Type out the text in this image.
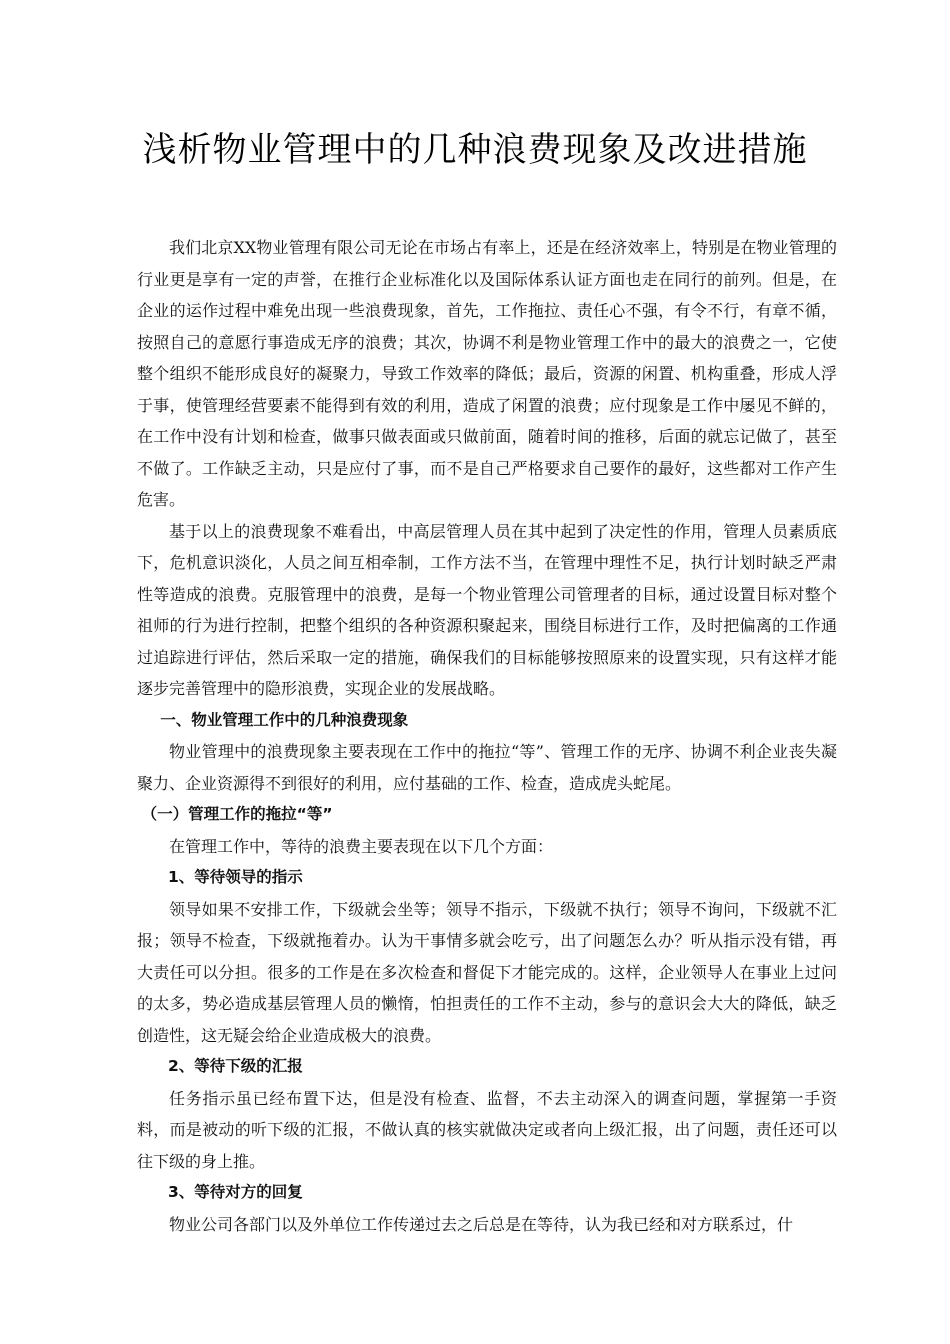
浅析物业管理中的几种浪费现象及改进措施

我们北京XX物业管理有限公司无论在市场占有率上，还是在经济效率上，特别是在物业管理的行业更是享有一定的声誉，在推行企业标准化以及国际体系认证方面也走在同行的前列。但是，在企业的运作过程中难免出现一些浪费现象，首先，工作拖拉、责任心不强，有令不行，有章不循，按照自己的意愿行事造成无序的浪费；其次，协调不利是物业管理工作中的最大的浪费之一，它使整个组织不能形成良好的凝聚力，导致工作效率的降低；最后，资源的闲置、机构重叠，形成人浮于事，使管理经营要素不能得到有效的利用，造成了闲置的浪费；应付现象是工作中屡见不鲜的，在工作中没有计划和检查，做事只做表面或只做前面，随着时间的推移，后面的就忘记做了，甚至不做了。工作缺乏主动，只是应付了事，而不是自己严格要求自己要作的最好，这些都对工作产生危害。

基于以上的浪费现象不难看出，中高层管理人员在其中起到了决定性的作用，管理人员素质底下，危机意识淡化，人员之间互相牵制，工作方法不当，在管理中理性不足，执行计划时缺乏严肃性等造成的浪费。克服管理中的浪费，是每一个物业管理公司管理者的目标，通过设置目标对整个祖师的行为进行控制，把整个组织的各种资源积聚起来，围绕目标进行工作，及时把偏离的工作通过追踪进行评估，然后采取一定的措施，确保我们的目标能够按照原来的设置实现，只有这样才能逐步完善管理中的隐形浪费，实现企业的发展战略。

一、物业管理工作中的几种浪费现象

物业管理中的浪费现象主要表现在工作中的拖拉“等”、管理工作的无序、协调不利企业丧失凝聚力、企业资源得不到很好的利用，应付基础的工作、检查，造成虎头蛇尾。

（一）管理工作的拖拉“等”

在管理工作中，等待的浪费主要表现在以下几个方面：

1、等待领导的指示

领导如果不安排工作，下级就会坐等；领导不指示，下级就不执行；领导不询问，下级就不汇报；领导不检查，下级就拖着办。认为干事情多就会吃亏，出了问题怎么办？听从指示没有错，再大责任可以分担。很多的工作是在多次检查和督促下才能完成的。这样，企业领导人在事业上过问的太多，势必造成基层管理人员的懒惰，怕担责任的工作不主动，参与的意识会大大的降低，缺乏创造性，这无疑会给企业造成极大的浪费。

2、等待下级的汇报

任务指示虽已经布置下达，但是没有检查、监督，不去主动深入的调查问题，掌握第一手资料，而是被动的听下级的汇报，不做认真的核实就做决定或者向上级汇报，出了问题，责任还可以往下级的身上推。

3、等待对方的回复

物业公司各部门以及外单位工作传递过去之后总是在等待，认为我已经和对方联系过，什
